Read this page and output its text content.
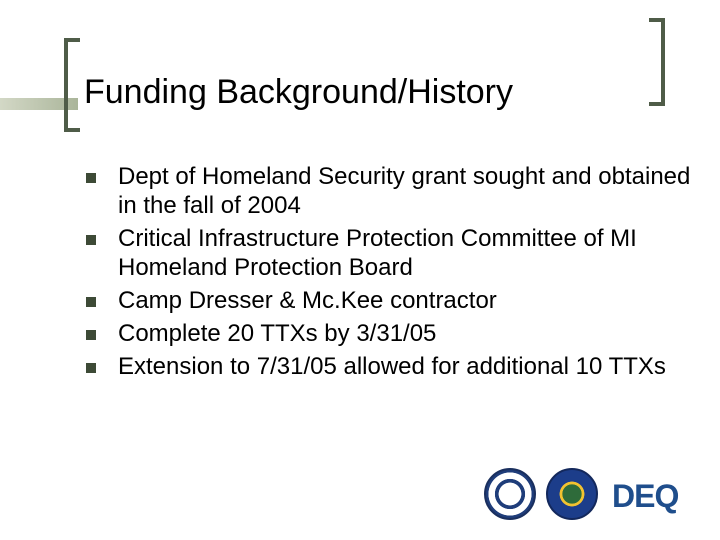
Funding Background/History
Dept of Homeland Security grant sought and obtained in the fall of 2004
Critical Infrastructure Protection Committee of MI Homeland Protection Board
Camp Dresser & Mc.Kee contractor
Complete 20 TTXs by 3/31/05
Extension to 7/31/05 allowed for additional 10 TTXs
DEQ
